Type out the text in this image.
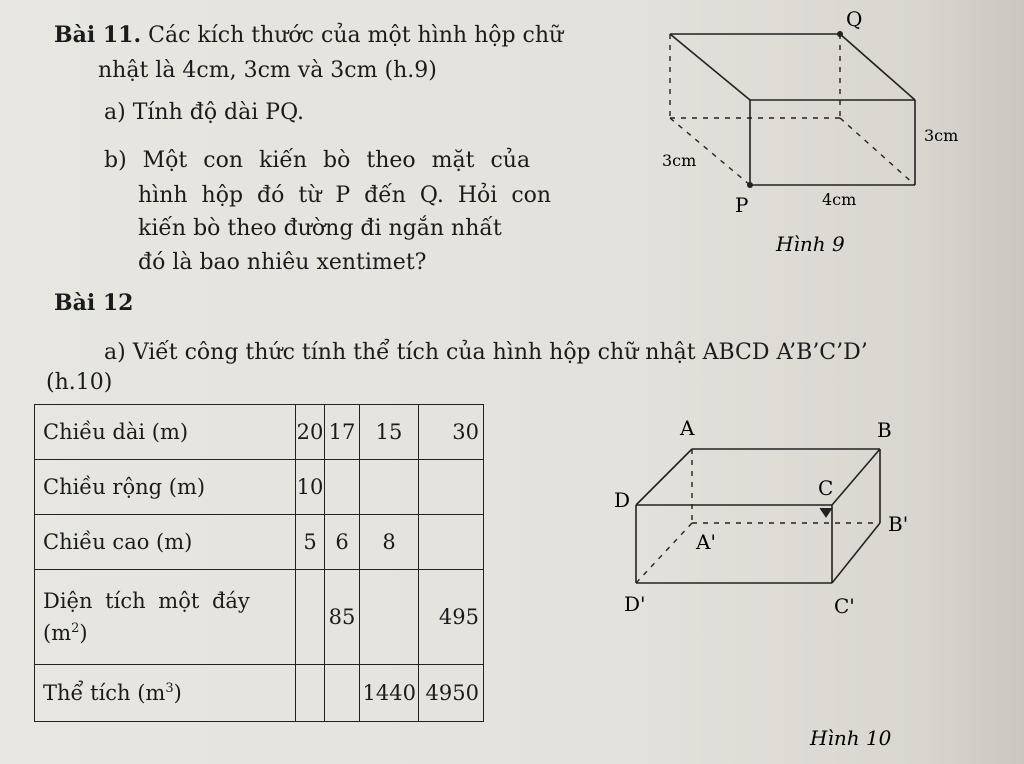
Bài 11. Các kích thước của một hình hộp chữ
nhật là 4cm, 3cm và 3cm (h.9)
a) Tính độ dài PQ.
b) Một con kiến bò theo mặt của
hình hộp đó từ P đến Q. Hỏi con
kiến bò theo đường đi ngắn nhất
đó là bao nhiêu xentimet?
Q
P
3cm
3cm
4cm
Hình 9
Bài 12
a) Viết công thức tính thể tích của hình hộp chữ nhật ABCD A’B’C’D’
(h.10)
Chiều dài (m)	20	17	15	30
Chiều rộng (m)	10			
Chiều cao (m)	5	6	8	
Diện tích một đáy
$(m^2)$		85		495
Thể tích $(m^3)$			1440	4950
A	B
C
D
A'
B'
C'
D'
Hình 10
